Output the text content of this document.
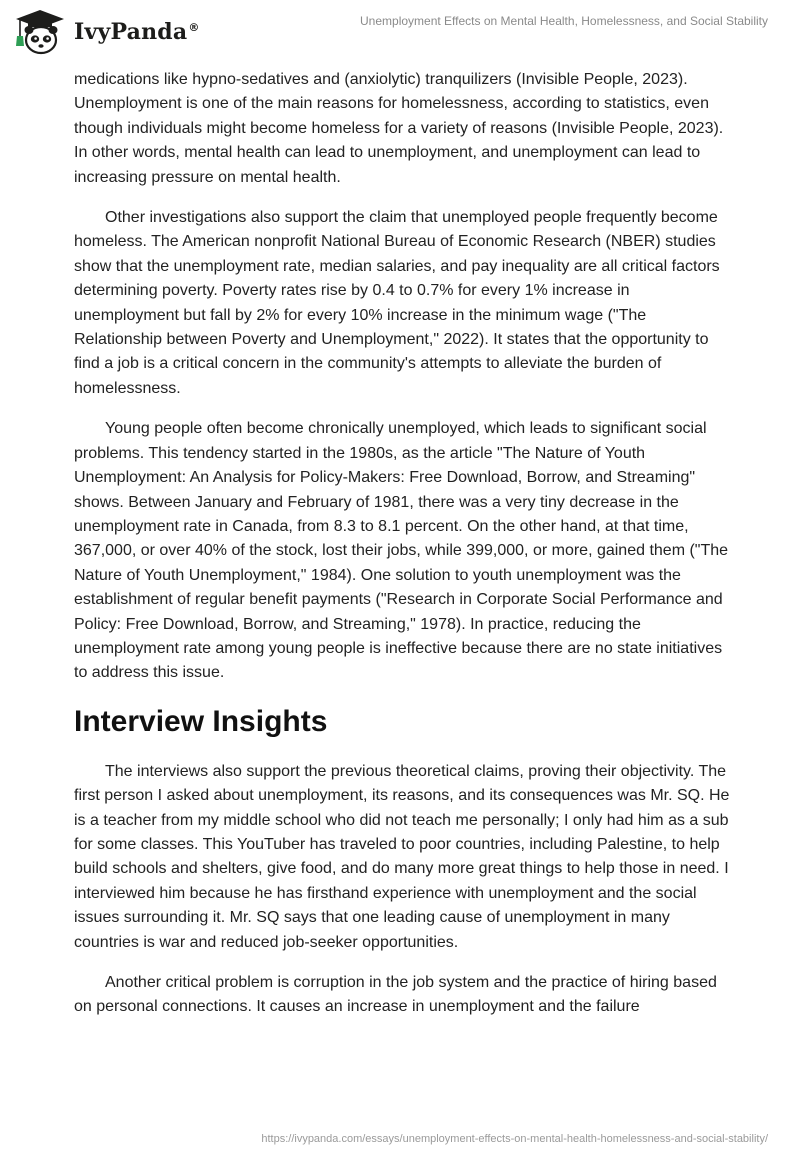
IvyPanda®	Unemployment Effects on Mental Health, Homelessness, and Social Stability

medications like hypno-sedatives and (anxiolytic) tranquilizers (Invisible People, 2023). Unemployment is one of the main reasons for homelessness, according to statistics, even though individuals might become homeless for a variety of reasons (Invisible People, 2023). In other words, mental health can lead to unemployment, and unemployment can lead to increasing pressure on mental health.

Other investigations also support the claim that unemployed people frequently become homeless. The American nonprofit National Bureau of Economic Research (NBER) studies show that the unemployment rate, median salaries, and pay inequality are all critical factors determining poverty. Poverty rates rise by 0.4 to 0.7% for every 1% increase in unemployment but fall by 2% for every 10% increase in the minimum wage ("The Relationship between Poverty and Unemployment," 2022). It states that the opportunity to find a job is a critical concern in the community's attempts to alleviate the burden of homelessness.

Young people often become chronically unemployed, which leads to significant social problems. This tendency started in the 1980s, as the article "The Nature of Youth Unemployment: An Analysis for Policy-Makers: Free Download, Borrow, and Streaming" shows. Between January and February of 1981, there was a very tiny decrease in the unemployment rate in Canada, from 8.3 to 8.1 percent. On the other hand, at that time, 367,000, or over 40% of the stock, lost their jobs, while 399,000, or more, gained them ("The Nature of Youth Unemployment," 1984). One solution to youth unemployment was the establishment of regular benefit payments ("Research in Corporate Social Performance and Policy: Free Download, Borrow, and Streaming," 1978). In practice, reducing the unemployment rate among young people is ineffective because there are no state initiatives to address this issue.

Interview Insights

The interviews also support the previous theoretical claims, proving their objectivity. The first person I asked about unemployment, its reasons, and its consequences was Mr. SQ. He is a teacher from my middle school who did not teach me personally; I only had him as a sub for some classes. This YouTuber has traveled to poor countries, including Palestine, to help build schools and shelters, give food, and do many more great things to help those in need. I interviewed him because he has firsthand experience with unemployment and the social issues surrounding it. Mr. SQ says that one leading cause of unemployment in many countries is war and reduced job-seeker opportunities.

Another critical problem is corruption in the job system and the practice of hiring based on personal connections. It causes an increase in unemployment and the failure

https://ivypanda.com/essays/unemployment-effects-on-mental-health-homelessness-and-social-stability/
